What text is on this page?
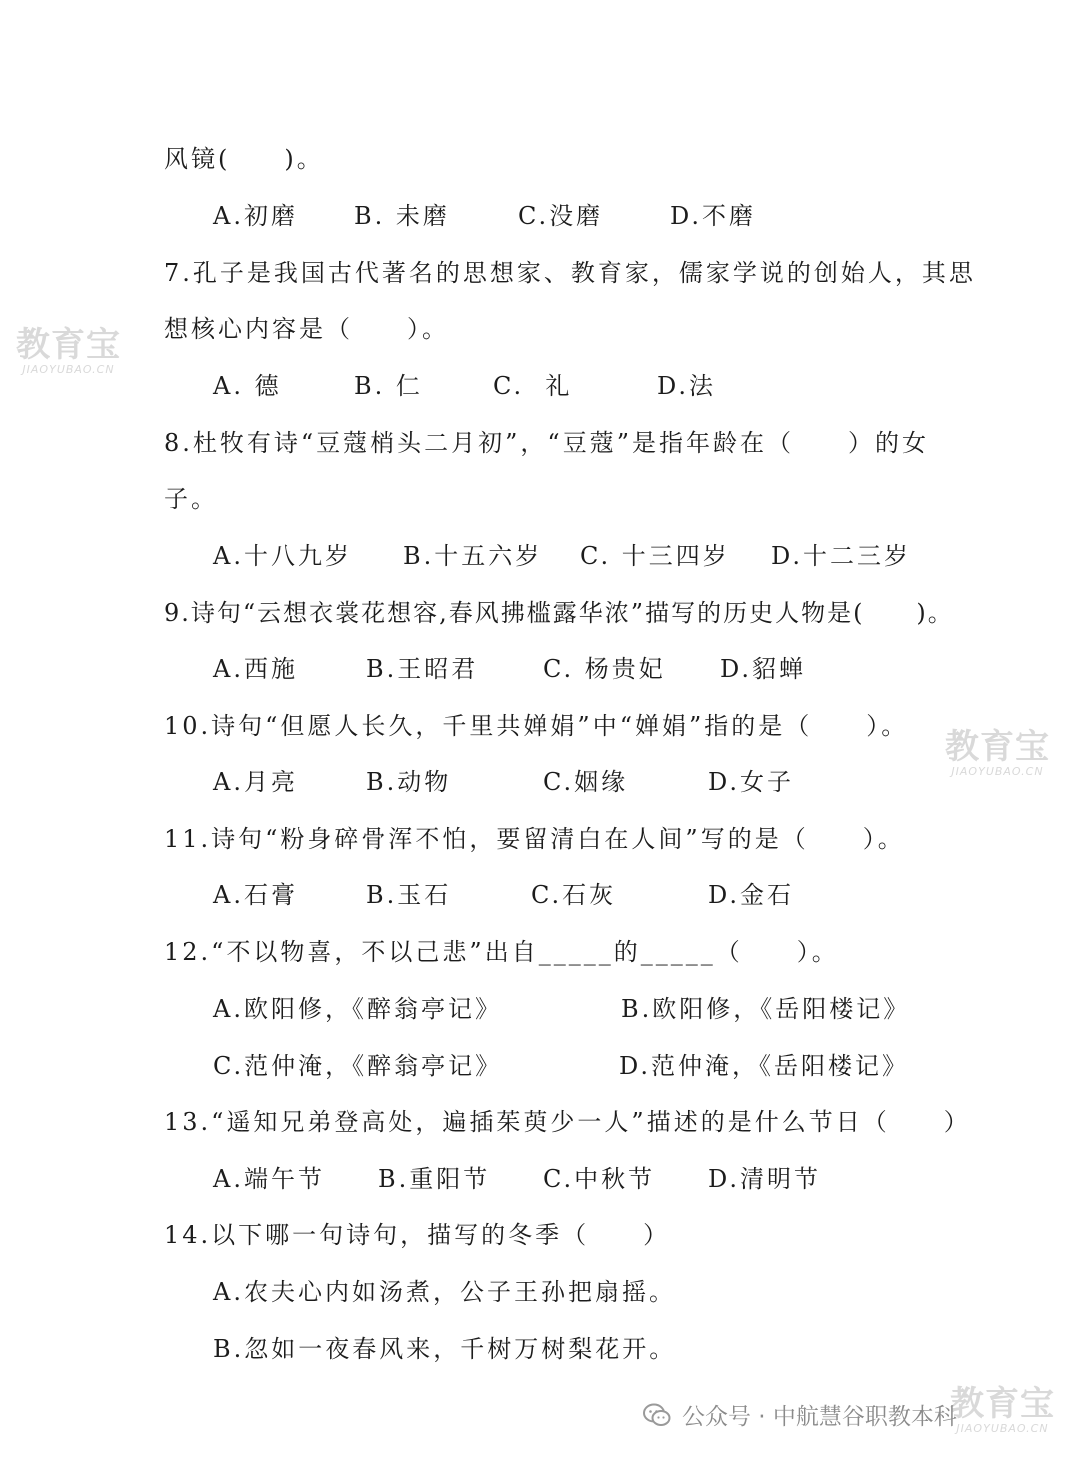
风镜(　　)。
A.初磨 B. 未磨	C.没磨	D.不磨
7.孔子是我国古代著名的思想家、教育家，儒家学说的创始人，其思
想核心内容是（　　）。
A. 德	B. 仁	C.  礼	D.法
8.杜牧有诗“豆蔻梢头二月初”，“豆蔻”是指年龄在（　　）的女
子。
A.十八九岁 B.十五六岁 C. 十三四岁 D.十二三岁
9.诗句“云想衣裳花想容,春风拂槛露华浓”描写的历史人物是(　　)。
A.西施	B.王昭君	C. 杨贵妃 D.貂蝉
10.诗句“但愿人长久，千里共婵娟”中“婵娟”指的是（　　）。
A.月亮	B.动物	C.姻缘	D.女子
11.诗句“粉身碎骨浑不怕，要留清白在人间”写的是（　　）。
A.石膏	B.玉石	C.石灰	D.金石
12.“不以物喜，不以己悲”出自_____的_____（　　）。
A.欧阳修，《醉翁亭记》	B.欧阳修，《岳阳楼记》
C.范仲淹，《醉翁亭记》	D.范仲淹，《岳阳楼记》
13.“遥知兄弟登高处，遍插茱萸少一人”描述的是什么节日（　　）
A.端午节 B.重阳节 C.中秋节 D.清明节
14.以下哪一句诗句，描写的冬季（　　）
A.农夫心内如汤煮，公子王孙把扇摇。
B.忽如一夜春风来，千树万树梨花开。
教育宝
JIAOYUBAO.CN
教育宝
JIAOYUBAO.CN
教育宝
JIAOYUBAO.CN
公众号 · 中航慧谷职教本科
